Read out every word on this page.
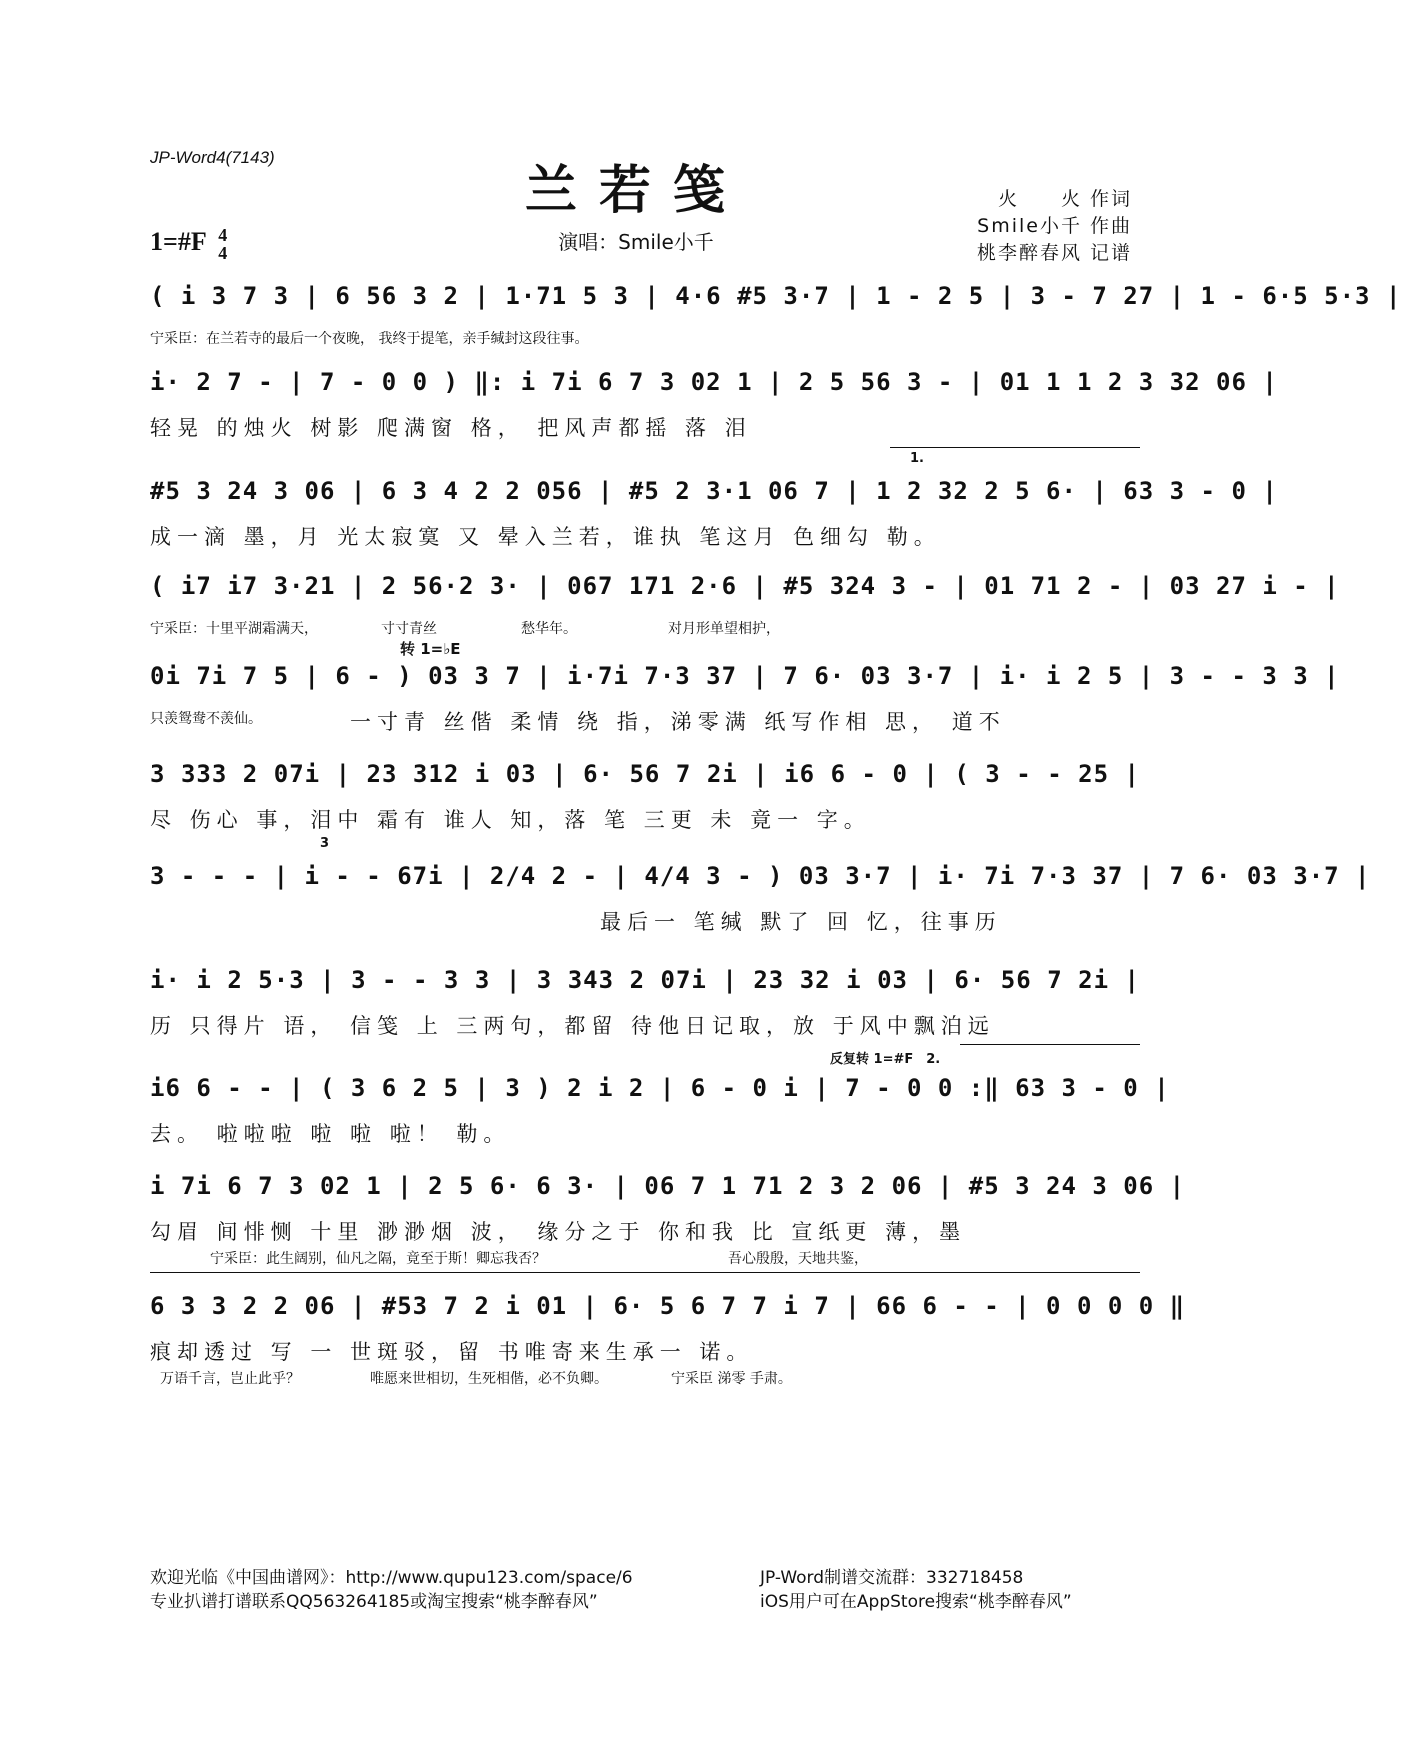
JP-Word4(7143)
兰若笺
1=#F 4
4	演唱：Smile小千
火　　火 作词
Smile小千 作曲
桃李醉春风 记谱
( i 3 7 3 | 6 56 3 2 | 1·71 5 3 | 4·6 #5 3·7 | 1 - 2 5 | 3 - 7 27 | 1 - 6·5 5·3 |
宁采臣：在兰若寺的最后一个夜晚， 我终于提笔，亲手缄封这段往事。
i· 2 7 - | 7 - 0 0 ) ‖: i 7i 6 7 3 02 1 | 2 5 56 3 - | 01 1 1 2 3 32 06 |
轻晃 的烛火 树影 爬满窗 格， 把风声都摇 落 泪
1.
#5 3 24 3 06 | 6 3 4 2 2 056 | #5 2 3·1 06 7 | 1 2 32 2 5 6· | 63 3 - 0 |
成一滴 墨，月 光太寂寞 又 晕入兰若，谁执 笔这月 色细勾 勒。
( i7 i7 3·21 | 2 56·2 3· | 067 171 2·6 | #5 324 3 - | 01 71 2 - | 03 27 i - |
宁采臣：十里平湖霜满天，　　　　　寸寸青丝　　　　　　愁华年。　　　　　　　对月形单望相护，
转 1=♭E
0i 7i 7 5 | 6 - ) 03 3 7 | i·7i 7·3 37 | 7 6· 03 3·7 | i· i 2 5 | 3 - - 3 3 |
只羡鸳鸯不羡仙。	一寸青 丝偕 柔情 绕 指，涕零满 纸写作相 思， 道不
3 333 2 07i | 23 312 i 03 | 6· 56 7 2i | i6 6 - 0 | ( 3 - - 25 |
尽 伤心 事，泪中 霜有 谁人 知，落 笔 三更 未 竟一 字。
3
3 - - - | i - - 67i | 2/4 2 - | 4/4 3 - ) 03 3·7 | i· 7i 7·3 37 | 7 6· 03 3·7 |
最后一 笔缄 默了 回 忆，往事历
i· i 2 5·3 | 3 - - 3 3 | 3 343 2 07i | 23 32 i 03 | 6· 56 7 2i |
历 只得片 语， 信笺 上 三两句，都留 待他日记取，放 于风中飘泊远
反复转 1=#F　2.
i6 6 - - | ( 3 6 2 5 | 3 ) 2 i 2 | 6 - 0 i | 7 - 0 0 :‖ 63 3 - 0 |
去。 啦啦啦 啦 啦 啦！ 勒。
i 7i 6 7 3 02 1 | 2 5 6· 6 3· | 06 7 1 71 2 3 2 06 | #5 3 24 3 06 |
勾眉 间悱恻 十里 渺渺烟 波， 缘分之于 你和我 比 宣纸更 薄，墨
宁采臣：此生阔别，仙凡之隔，竟至于斯！卿忘我否？　　　　　　　　　　　　　吾心殷殷，天地共鉴，
6 3 3 2 2 06 | #53 7 2 i 01 | 6· 5 6 7 7 i 7 | 66 6 - - | 0 0 0 0 ‖
痕却透过 写 一 世斑驳，留 书唯寄来生承一 诺。
万语千言，岂止此乎？　　　　　唯愿来世相切，生死相偕，必不负卿。　　　　　宁采臣 涕零 手肃。
欢迎光临《中国曲谱网》：http://www.qupu123.com/space/6
专业扒谱打谱联系QQ563264185或淘宝搜索“桃李醉春风”
JP-Word制谱交流群：332718458
iOS用户可在AppStore搜索“桃李醉春风”
